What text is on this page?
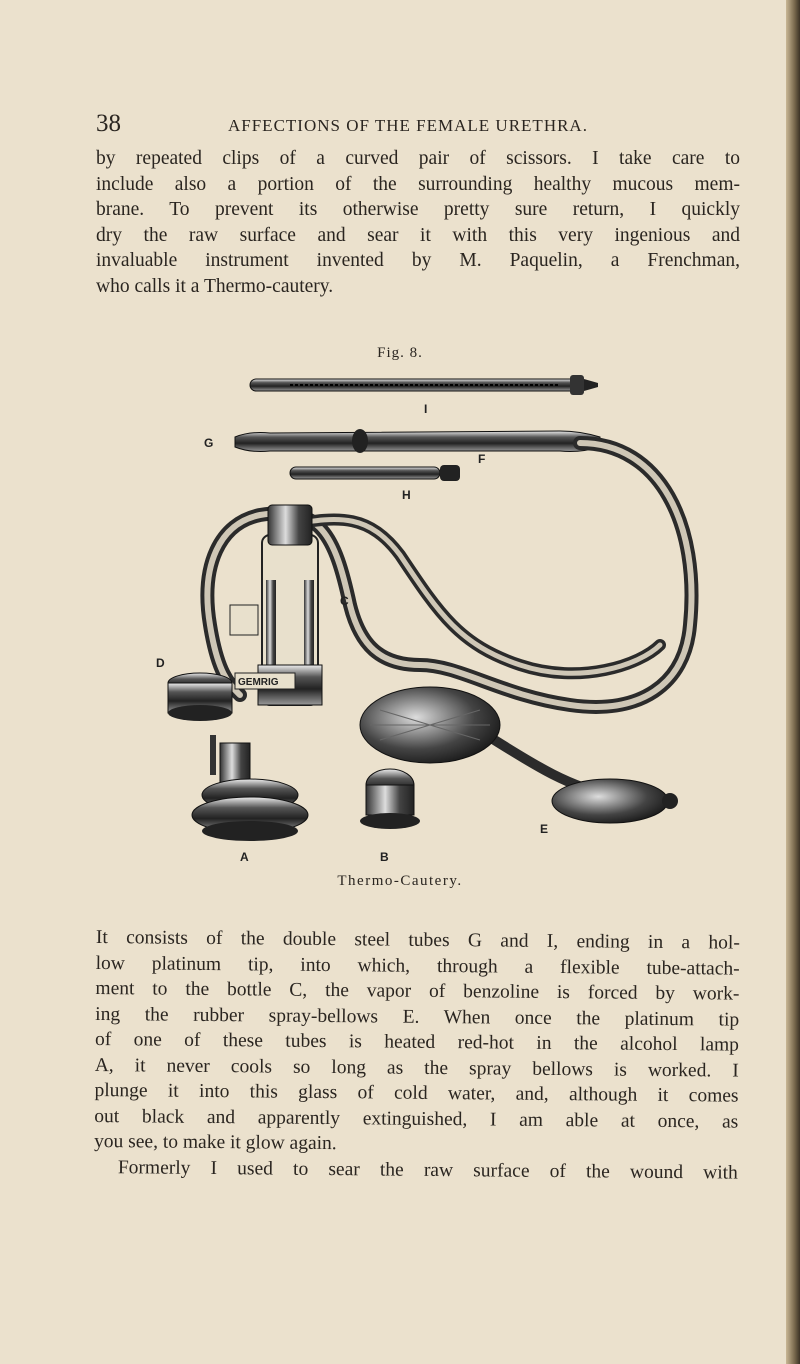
38	AFFECTIONS OF THE FEMALE URETHRA.

by repeated clips of a curved pair of scissors. I take care to
include also a portion of the surrounding healthy mucous mem-
brane. To prevent its otherwise pretty sure return, I quickly
dry the raw surface and sear it with this very ingenious and
invaluable instrument invented by M. Paquelin, a Frenchman,
who calls it a Thermo-cautery.

Fig. 8.
I
G
H
F
GEMRIG
C
D
E
A	B
Thermo-Cautery.

It consists of the double steel tubes G and I, ending in a hol-
low platinum tip, into which, through a flexible tube-attach-
ment to the bottle C, the vapor of benzoline is forced by work-
ing the rubber spray-bellows E. When once the platinum tip
of one of these tubes is heated red-hot in the alcohol lamp
A, it never cools so long as the spray bellows is worked. I
plunge it into this glass of cold water, and, although it comes
out black and apparently extinguished, I am able at once, as
you see, to make it glow again.
Formerly I used to sear the raw surface of the wound with
